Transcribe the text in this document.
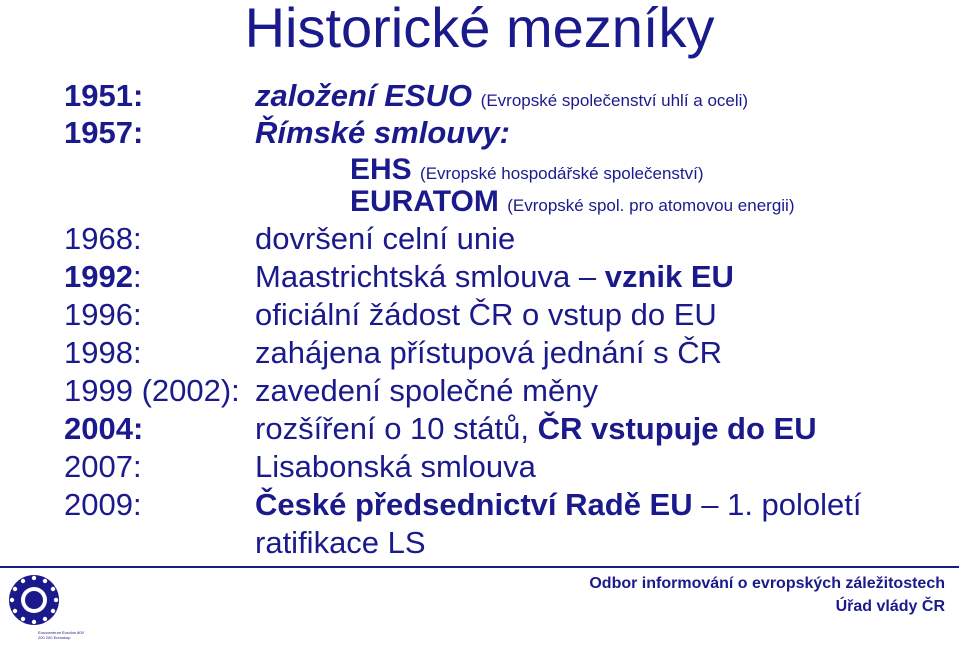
Historické mezníky
1951:	založení ESUO (Evropské společenství uhlí a oceli)
1957:	Římské smlouvy:
EHS (Evropské hospodářské společenství)
EURATOM (Evropské spol. pro atomovou energii)
1968:	dovršení celní unie
1992:	Maastrichtská smlouva – vznik EU
1996:	oficiální žádost ČR o vstup do EU
1998:	zahájena přístupová jednání s ČR
1999 (2002): zavedení společné měny
2004:	rozšíření o 10 států, ČR vstupuje do EU
2007:	Lisabonská smlouva
2009:	České předsednictví Radě EU – 1. pololetí
ratifikace LS
Eurocentrum Eurofon 800 200 200 Euroskop
Odbor informování o evropských záležitostech
Úřad vlády ČR
